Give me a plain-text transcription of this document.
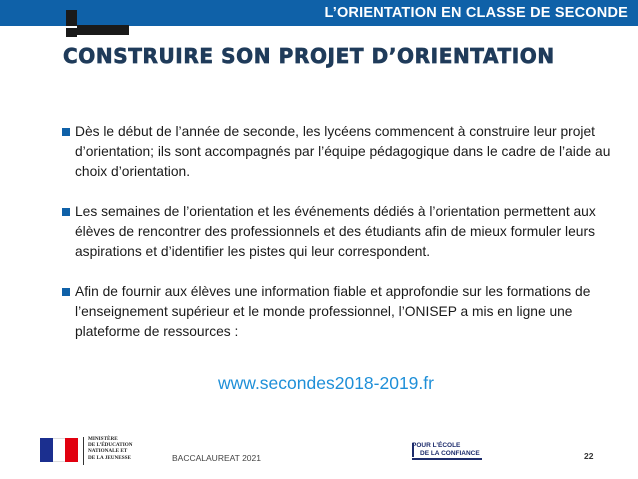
L’ORIENTATION EN CLASSE DE SECONDE
CONSTRUIRE SON PROJET D’ORIENTATION
Dès le début de l’année de seconde, les lycéens commencent à construire leur projet d’orientation; ils sont accompagnés par l’équipe pédagogique dans le cadre de l’aide au choix d’orientation.
Les semaines de l’orientation et les événements dédiés à l’orientation permettent aux élèves de rencontrer des professionnels et des étudiants afin de mieux formuler leurs aspirations et d’identifier les pistes qui leur correspondent.
Afin de fournir aux élèves une information fiable et approfondie sur les formations de l’enseignement supérieur et le monde professionnel, l’ONISEP a mis en ligne une plateforme de ressources :
www.secondes2018-2019.fr
MINISTÈRE
DE L’ÉDUCATION
NATIONALE ET
DE LA JEUNESSE	BACCALAUREAT 2021
POUR L’ÉCOLE
DE LA CONFIANCE	22
